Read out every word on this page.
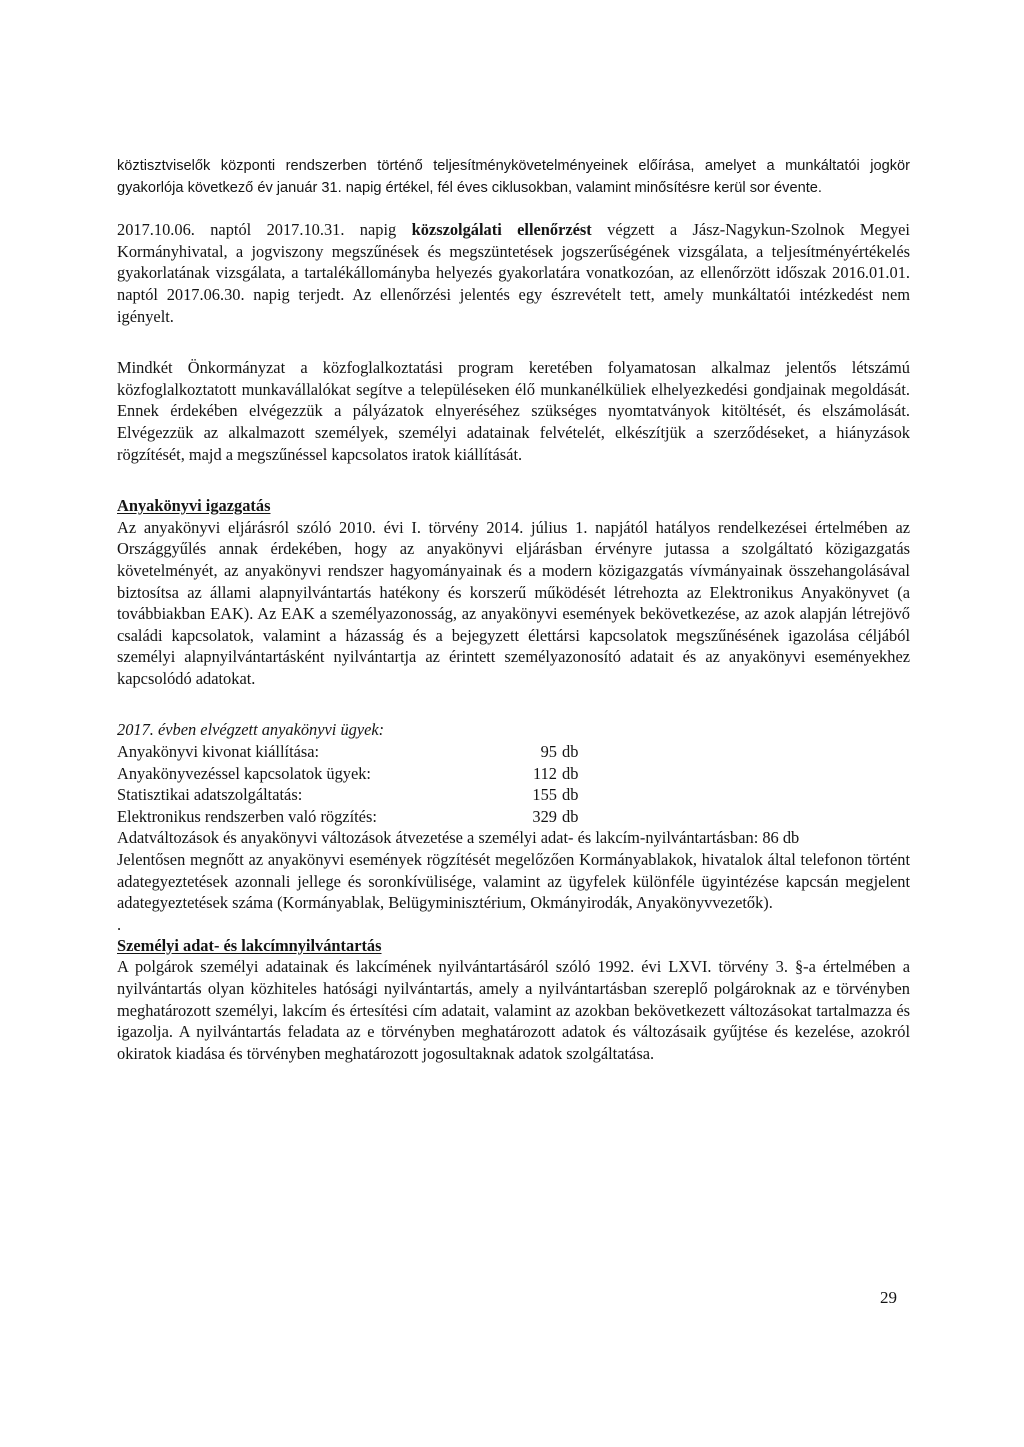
köztisztviselők központi rendszerben történő teljesítménykövetelményeinek előírása, amelyet a munkáltatói jogkör gyakorlója következő év január 31. napig értékel, fél éves ciklusokban, valamint minősítésre kerül sor évente.

2017.10.06. naptól 2017.10.31. napig közszolgálati ellenőrzést végzett a Jász-Nagykun-Szolnok Megyei Kormányhivatal, a jogviszony megszűnések és megszüntetések jogszerűségének vizsgálata, a teljesítményértékelés gyakorlatának vizsgálata, a tartalékállományba helyezés gyakorlatára vonatkozóan, az ellenőrzött időszak 2016.01.01. naptól 2017.06.30. napig terjedt. Az ellenőrzési jelentés egy észrevételt tett, amely munkáltatói intézkedést nem igényelt.

Mindkét Önkormányzat a közfoglalkoztatási program keretében folyamatosan alkalmaz jelentős létszámú közfoglalkoztatott munkavállalókat segítve a településeken élő munkanélküliek elhelyezkedési gondjainak megoldását. Ennek érdekében elvégezzük a pályázatok elnyeréséhez szükséges nyomtatványok kitöltését, és elszámolását. Elvégezzük az alkalmazott személyek, személyi adatainak felvételét, elkészítjük a szerződéseket, a hiányzások rögzítését, majd a megszűnéssel kapcsolatos iratok kiállítását.

Anyakönyvi igazgatás

Az anyakönyvi eljárásról szóló 2010. évi I. törvény 2014. július 1. napjától hatályos rendelkezései értelmében az Országgyűlés annak érdekében, hogy az anyakönyvi eljárásban érvényre jutassa a szolgáltató közigazgatás követelményét, az anyakönyvi rendszer hagyományainak és a modern közigazgatás vívmányainak összehangolásával biztosítsa az állami alapnyilvántartás hatékony és korszerű működését létrehozta az Elektronikus Anyakönyvet (a továbbiakban EAK). Az EAK a személyazonosság, az anyakönyvi események bekövetkezése, az azok alapján létrejövő családi kapcsolatok, valamint a házasság és a bejegyzett élettársi kapcsolatok megszűnésének igazolása céljából személyi alapnyilvántartásként nyilvántartja az érintett személyazonosító adatait és az anyakönyvi eseményekhez kapcsolódó adatokat.

2017. évben elvégzett anyakönyvi ügyek:

Anyakönyvi kivonat kiállítása:	95 db
Anyakönyvezéssel kapcsolatok ügyek:	112 db
Statisztikai adatszolgáltatás:	155 db
Elektronikus rendszerben való rögzítés:	329 db

Adatváltozások és anyakönyvi változások átvezetése a személyi adat- és lakcím-nyilvántartásban: 86 db

Jelentősen megnőtt az anyakönyvi események rögzítését megelőzően Kormányablakok, hivatalok által telefonon történt adategyeztetések azonnali jellege és soronkívülisége, valamint az ügyfelek különféle ügyintézése kapcsán megjelent adategyeztetések száma (Kormányablak, Belügyminisztérium, Okmányirodák, Anyakönyvvezetők).

.

Személyi adat- és lakcímnyilvántartás

A polgárok személyi adatainak és lakcímének nyilvántartásáról szóló 1992. évi LXVI. törvény 3. §-a értelmében a nyilvántartás olyan közhiteles hatósági nyilvántartás, amely a nyilvántartásban szereplő polgároknak az e törvényben meghatározott személyi, lakcím és értesítési cím adatait, valamint az azokban bekövetkezett változásokat tartalmazza és igazolja. A nyilvántartás feladata az e törvényben meghatározott adatok és változásaik gyűjtése és kezelése, azokról okiratok kiadása és törvényben meghatározott jogosultaknak adatok szolgáltatása.

29
